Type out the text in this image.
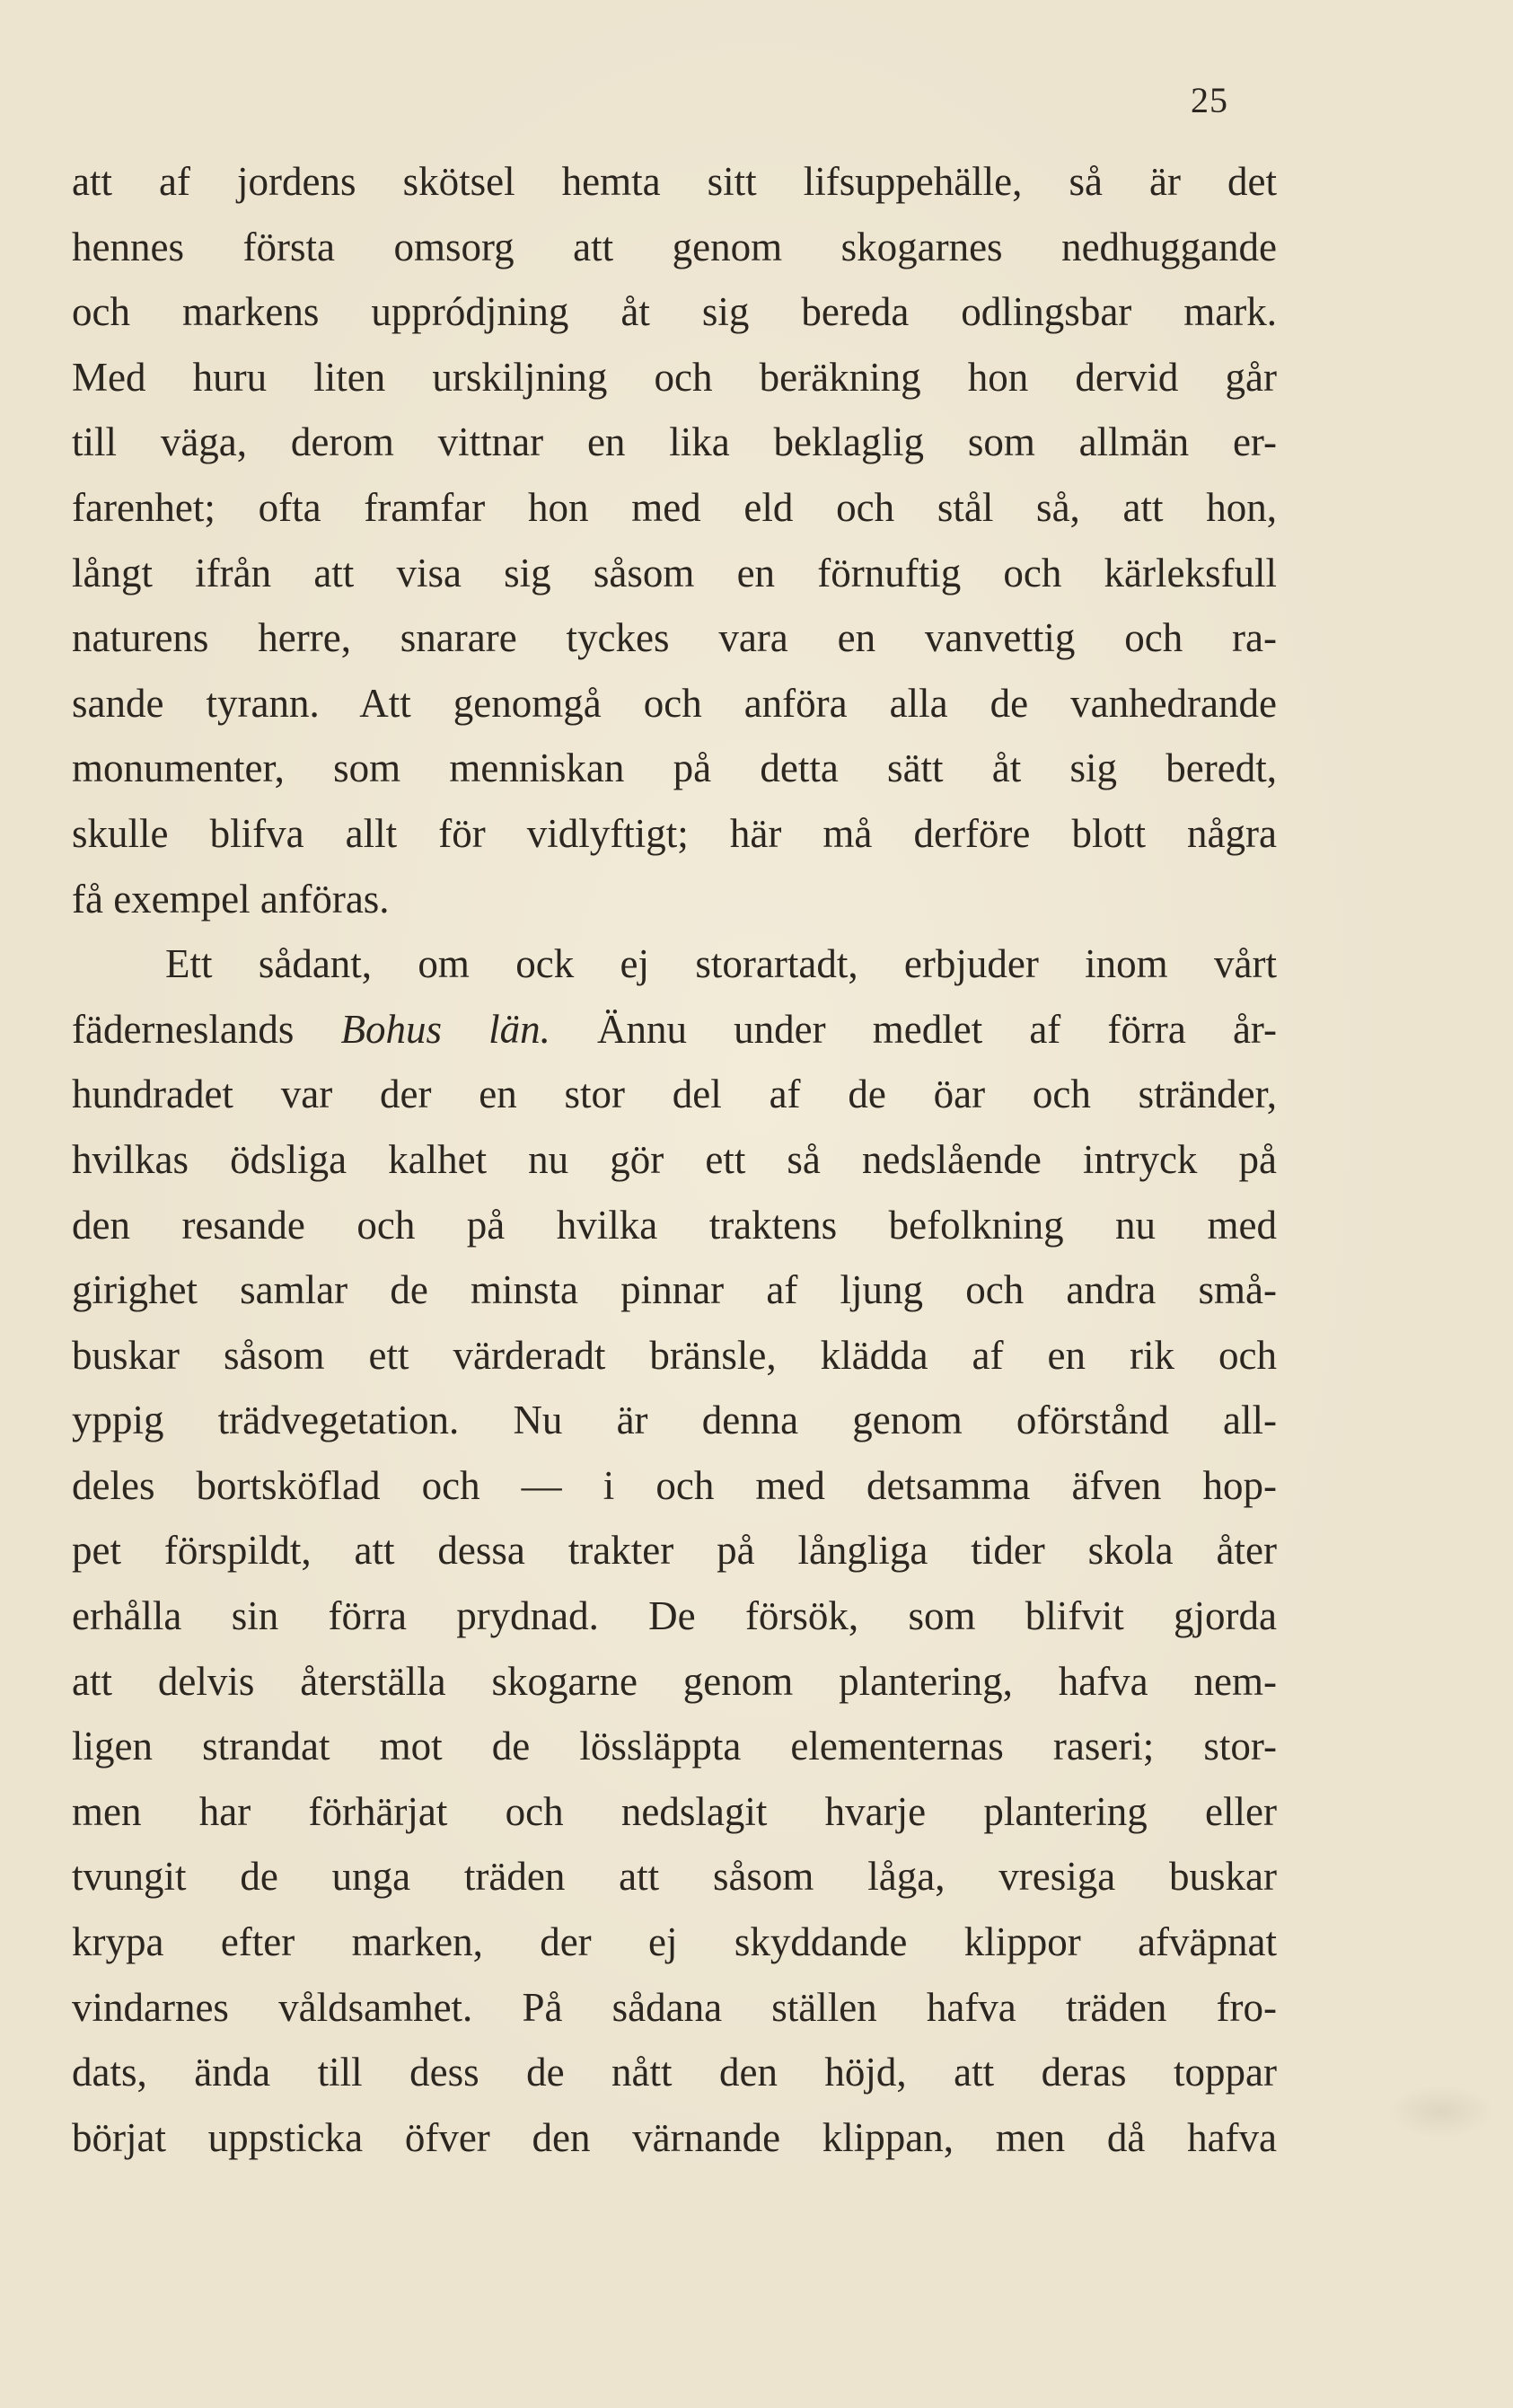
25
att af jordens skötsel hemta sitt lifsuppehälle, så är det
hennes första omsorg att genom skogarnes nedhuggande
och markens uppródjning åt sig bereda odlingsbar mark.
Med huru liten urskiljning och beräkning hon dervid går
till väga, derom vittnar en lika beklaglig som allmän er-
farenhet; ofta framfar hon med eld och stål så, att hon,
långt ifrån att visa sig såsom en förnuftig och kärleksfull
naturens herre, snarare tyckes vara en vanvettig och ra-
sande tyrann. Att genomgå och anföra alla de vanhedrande
monumenter, som menniskan på detta sätt åt sig beredt,
skulle blifva allt för vidlyftigt; här må derföre blott några
få exempel anföras.
Ett sådant, om ock ej storartadt, erbjuder inom vårt
fäderneslands Bohus län. Ännu under medlet af förra år-
hundradet var der en stor del af de öar och stränder,
hvilkas ödsliga kalhet nu gör ett så nedslående intryck på
den resande och på hvilka traktens befolkning nu med
girighet samlar de minsta pinnar af ljung och andra små-
buskar såsom ett värderadt bränsle, klädda af en rik och
yppig trädvegetation. Nu är denna genom oförstånd all-
deles bortsköflad och — i och med detsamma äfven hop-
pet förspildt, att dessa trakter på långliga tider skola åter
erhålla sin förra prydnad. De försök, som blifvit gjorda
att delvis återställa skogarne genom plantering, hafva nem-
ligen strandat mot de lössläppta elementernas raseri; stor-
men har förhärjat och nedslagit hvarje plantering eller
tvungit de unga träden att såsom låga, vresiga buskar
krypa efter marken, der ej skyddande klippor afväpnat
vindarnes våldsamhet. På sådana ställen hafva träden fro-
dats, ända till dess de nått den höjd, att deras toppar
börjat uppsticka öfver den värnande klippan, men då hafva
